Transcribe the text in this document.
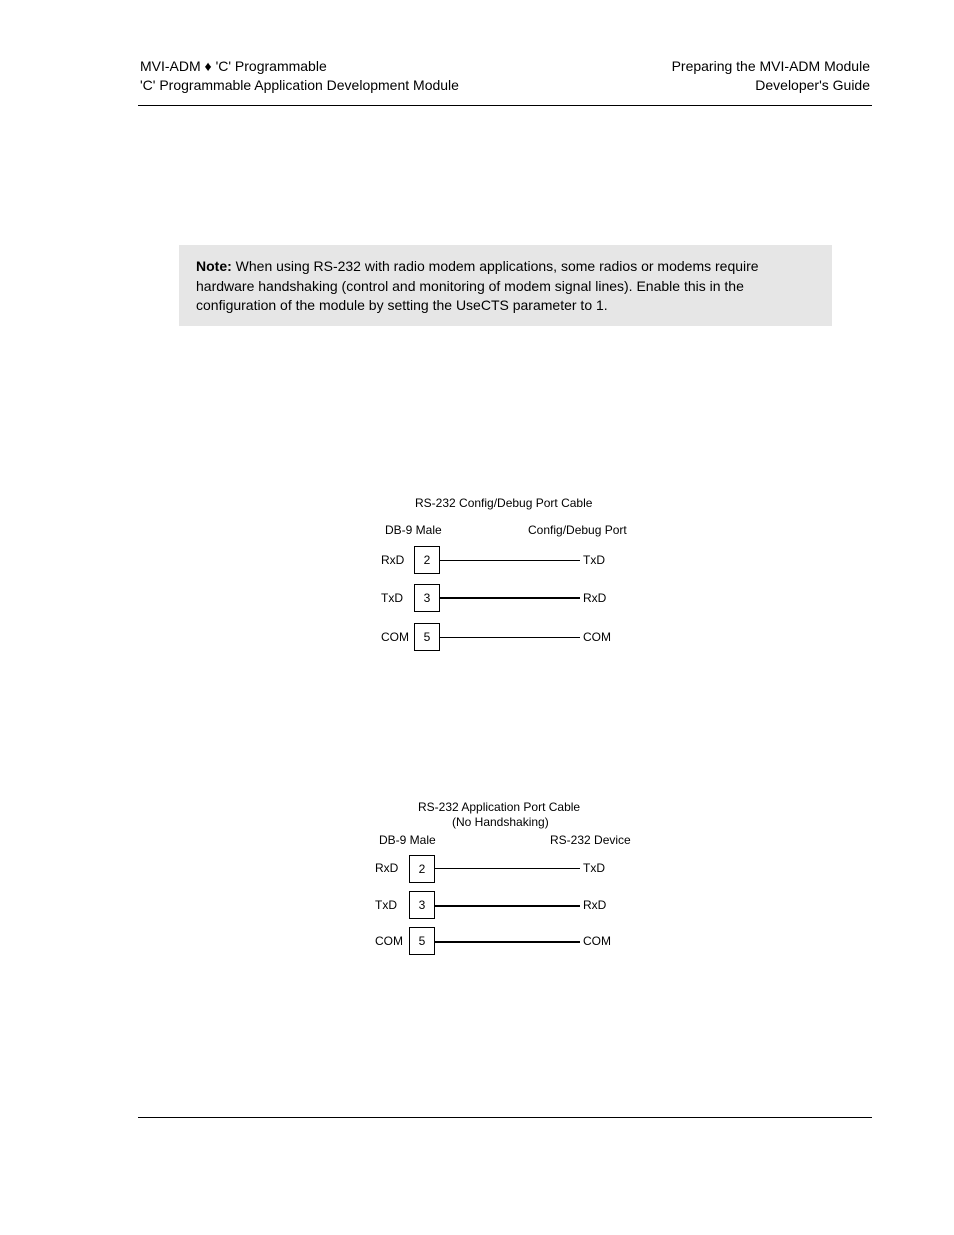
MVI-ADM ♦ 'C' Programmable
'C' Programmable Application Development Module
Preparing the MVI-ADM Module
Developer's Guide
Note: When using RS-232 with radio modem applications, some radios or modems require hardware handshaking (control and monitoring of modem signal lines). Enable this in the configuration of the module by setting the UseCTS parameter to 1.
RS-232 Config/Debug Port Cable
DB-9 Male	Config/Debug Port
RxD	2	TxD
TxD	3	RxD
COM	5	COM
RS-232 Application Port Cable
(No Handshaking)
DB-9 Male	RS-232 Device
RxD	2	TxD
TxD	3	RxD
COM	5	COM
